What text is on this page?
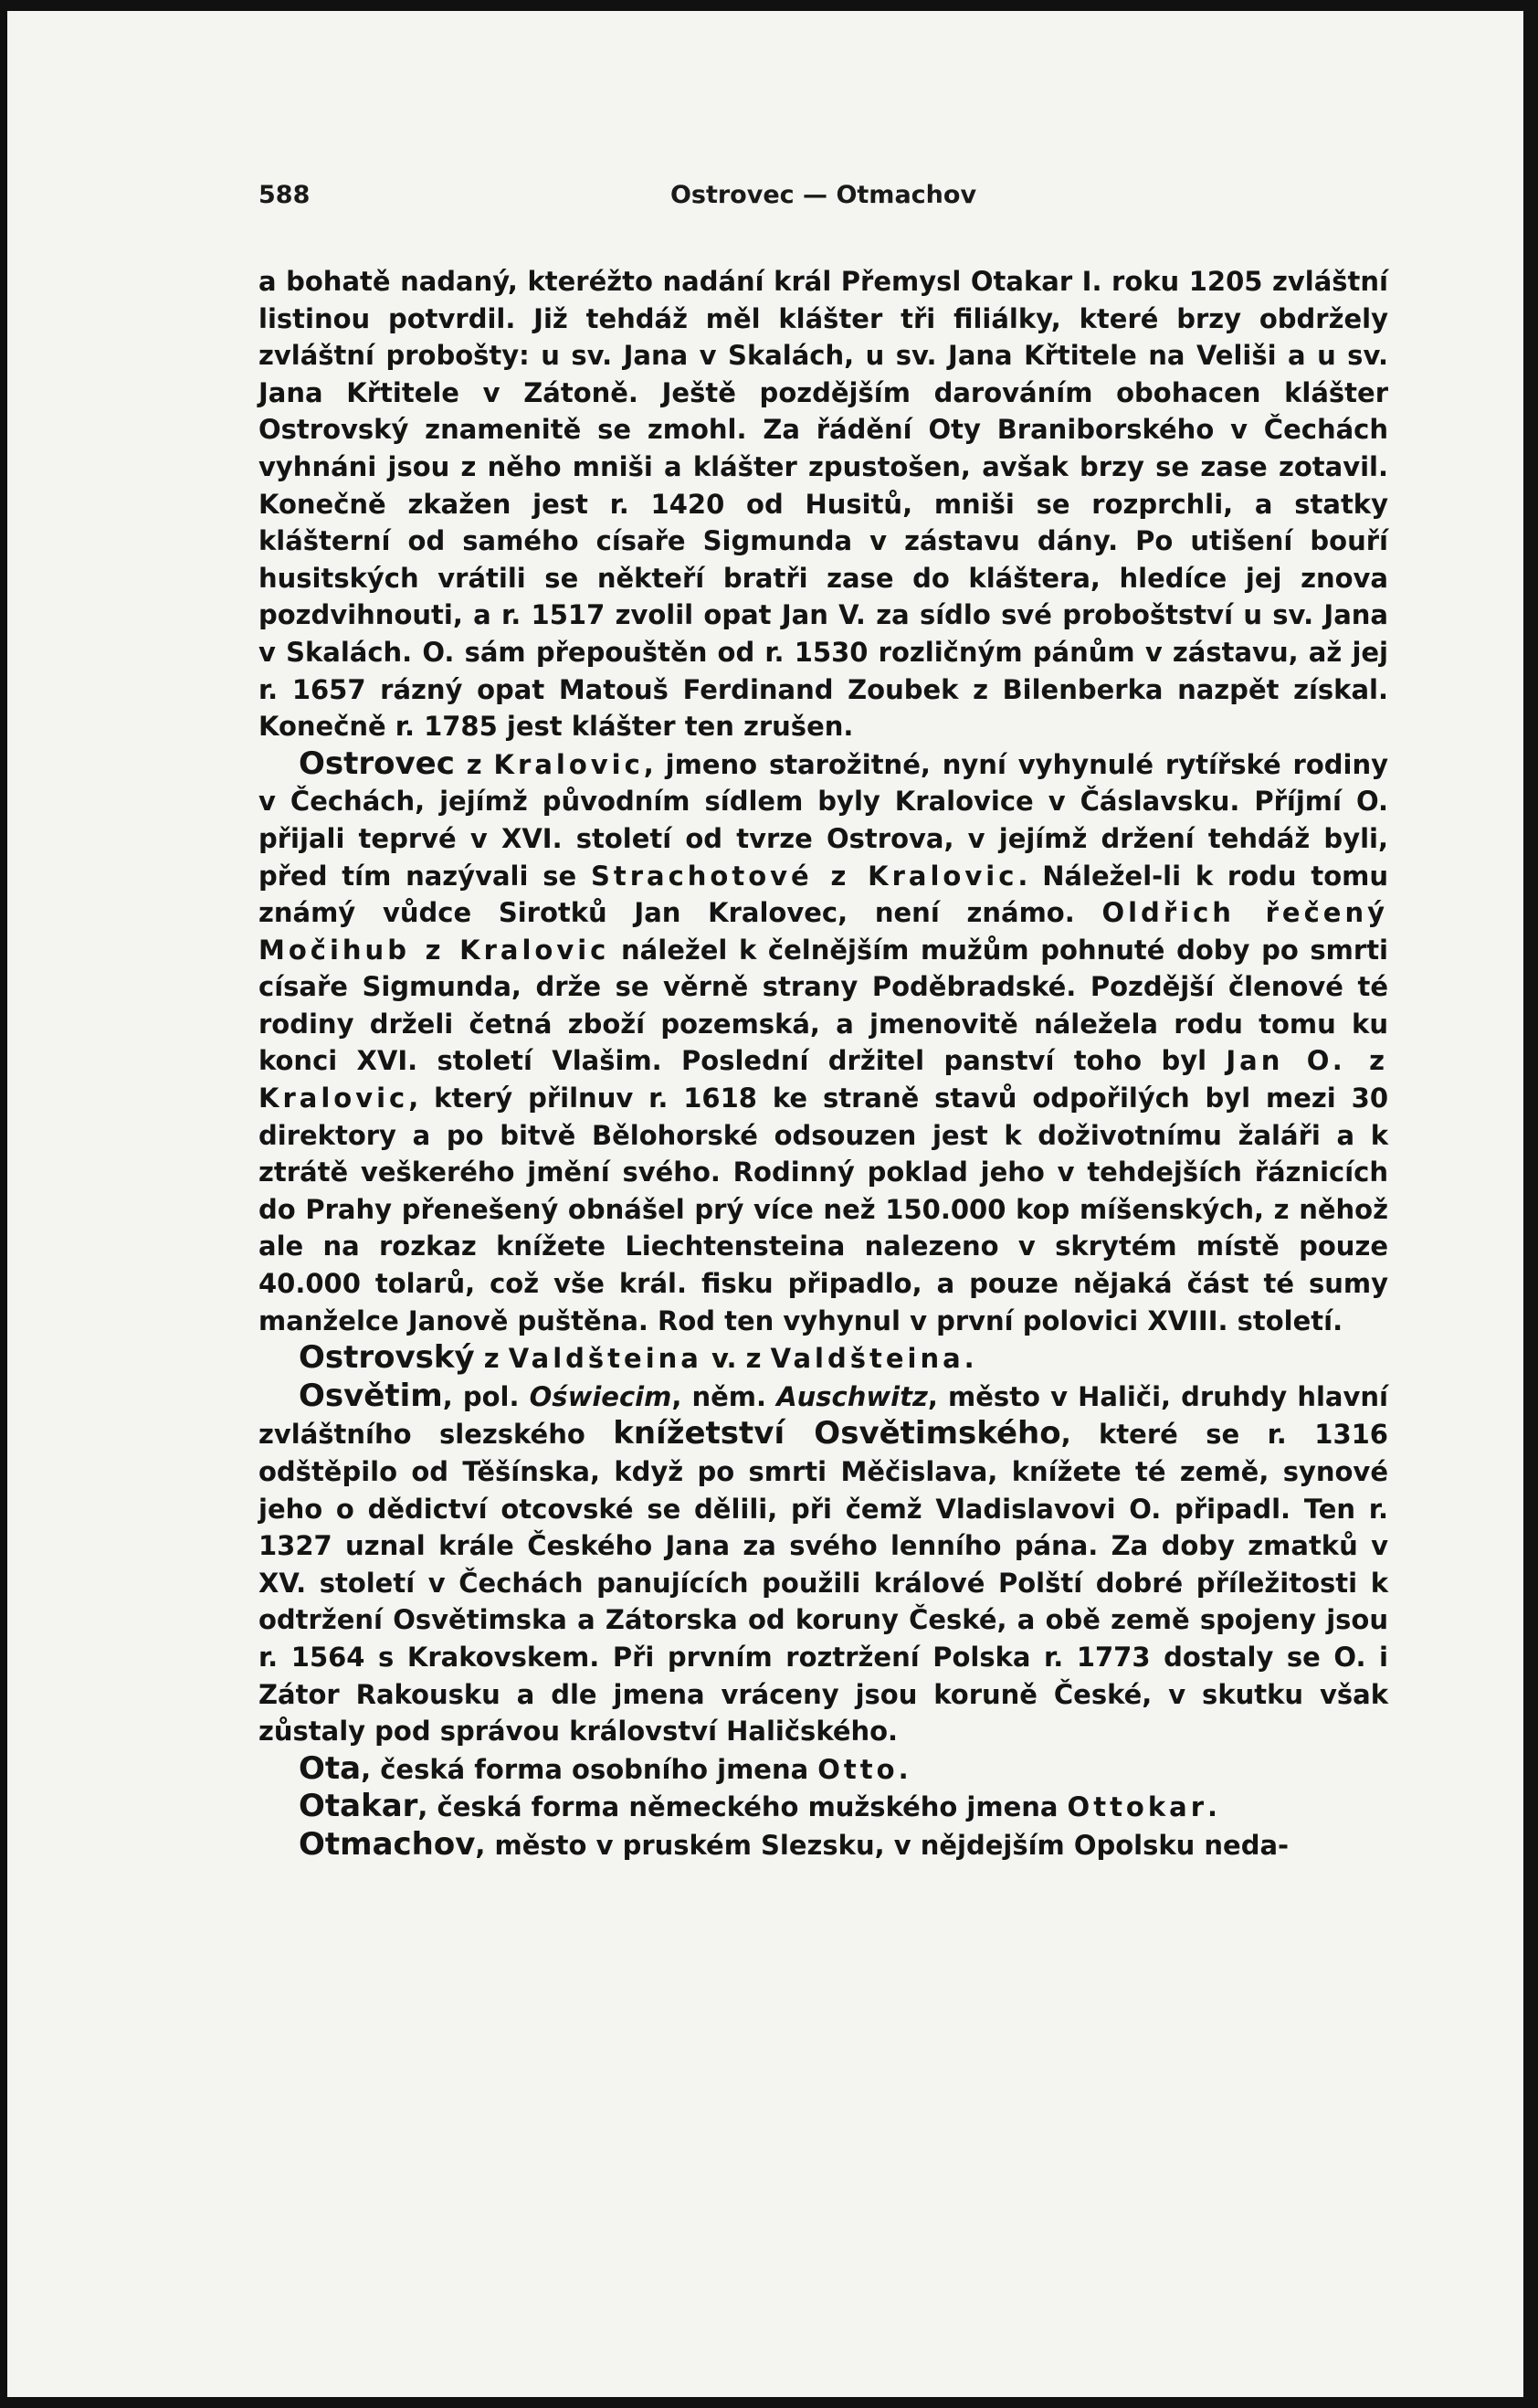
588	Ostrovec — Otmachov

a bohatě nadaný, kteréžto nadání král Přemysl Otakar I. roku 1205 zvláštní listinou potvrdil. Již tehdáž měl klášter tři filiálky, které brzy obdržely zvláštní probošty: u sv. Jana v Skalách, u sv. Jana Křtitele na Veliši a u sv. Jana Křtitele v Zátoně. Ještě pozdějším darováním obohacen klášter Ostrovský znamenitě se zmohl. Za řádění Oty Braniborského v Čechách vyhnáni jsou z něho mniši a klášter zpustošen, avšak brzy se zase zotavil. Konečně zkažen jest r. 1420 od Husitů, mniši se rozprchli, a statky klášterní od samého císaře Sigmunda v zástavu dány. Po utišení bouří husitských vrátili se někteří bratři zase do kláštera, hledíce jej znova pozdvihnouti, a r. 1517 zvolil opat Jan V. za sídlo své proboštství u sv. Jana v Skalách. O. sám přepouštěn od r. 1530 rozličným pánům v zástavu, až jej r. 1657 rázný opat Matouš Ferdinand Zoubek z Bilenberka nazpět získal. Konečně r. 1785 jest klášter ten zrušen.

Ostrovec z Kralovic, jmeno starožitné, nyní vyhynulé rytířské rodiny v Čechách, jejímž původním sídlem byly Kralovice v Čáslavsku. Příjmí O. přijali teprvé v XVI. století od tvrze Ostrova, v jejímž držení tehdáž byli, před tím nazývali se Strachotové z Kralovic. Náležel-li k rodu tomu známý vůdce Sirotků Jan Kralovec, není známo. Oldřich řečený Močihub z Kralovic náležel k čelnějším mužům pohnuté doby po smrti císaře Sigmunda, drže se věrně strany Poděbradské. Pozdější členové té rodiny drželi četná zboží pozemská, a jmenovitě náležela rodu tomu ku konci XVI. století Vlašim. Poslední držitel panství toho byl Jan O. z Kralovic, který přilnuv r. 1618 ke straně stavů odpořilých byl mezi 30 direktory a po bitvě Bělohorské odsouzen jest k doživotnímu žaláři a k ztrátě veškerého jmění svého. Rodinný poklad jeho v tehdejších řáznicích do Prahy přenešený obnášel prý více než 150.000 kop míšenských, z něhož ale na rozkaz knížete Liechtensteina nalezeno v skrytém místě pouze 40.000 tolarů, což vše král. fisku připadlo, a pouze nějaká část té sumy manželce Janově puštěna. Rod ten vyhynul v první polovici XVIII. století.

Ostrovský z Valdšteina v. z Valdšteina.

Osvětim, pol. Oświecim, něm. Auschwitz, město v Haliči, druhdy hlavní zvláštního slezského knížetství Osvětimského, které se r. 1316 odštěpilo od Těšínska, když po smrti Měčislava, knížete té země, synové jeho o dědictví otcovské se dělili, při čemž Vladislavovi O. připadl. Ten r. 1327 uznal krále Českého Jana za svého lenního pána. Za doby zmatků v XV. století v Čechách panujících použili králové Polští dobré příležitosti k odtržení Osvětimska a Zátorska od koruny České, a obě země spojeny jsou r. 1564 s Krakovskem. Při prvním roztržení Polska r. 1773 dostaly se O. i Zátor Rakousku a dle jmena vráceny jsou koruně České, v skutku však zůstaly pod správou království Haličského.

Ota, česká forma osobního jmena Otto.

Otakar, česká forma německého mužského jmena Ottokar.

Otmachov, město v pruském Slezsku, v nějdejším Opolsku neda-
